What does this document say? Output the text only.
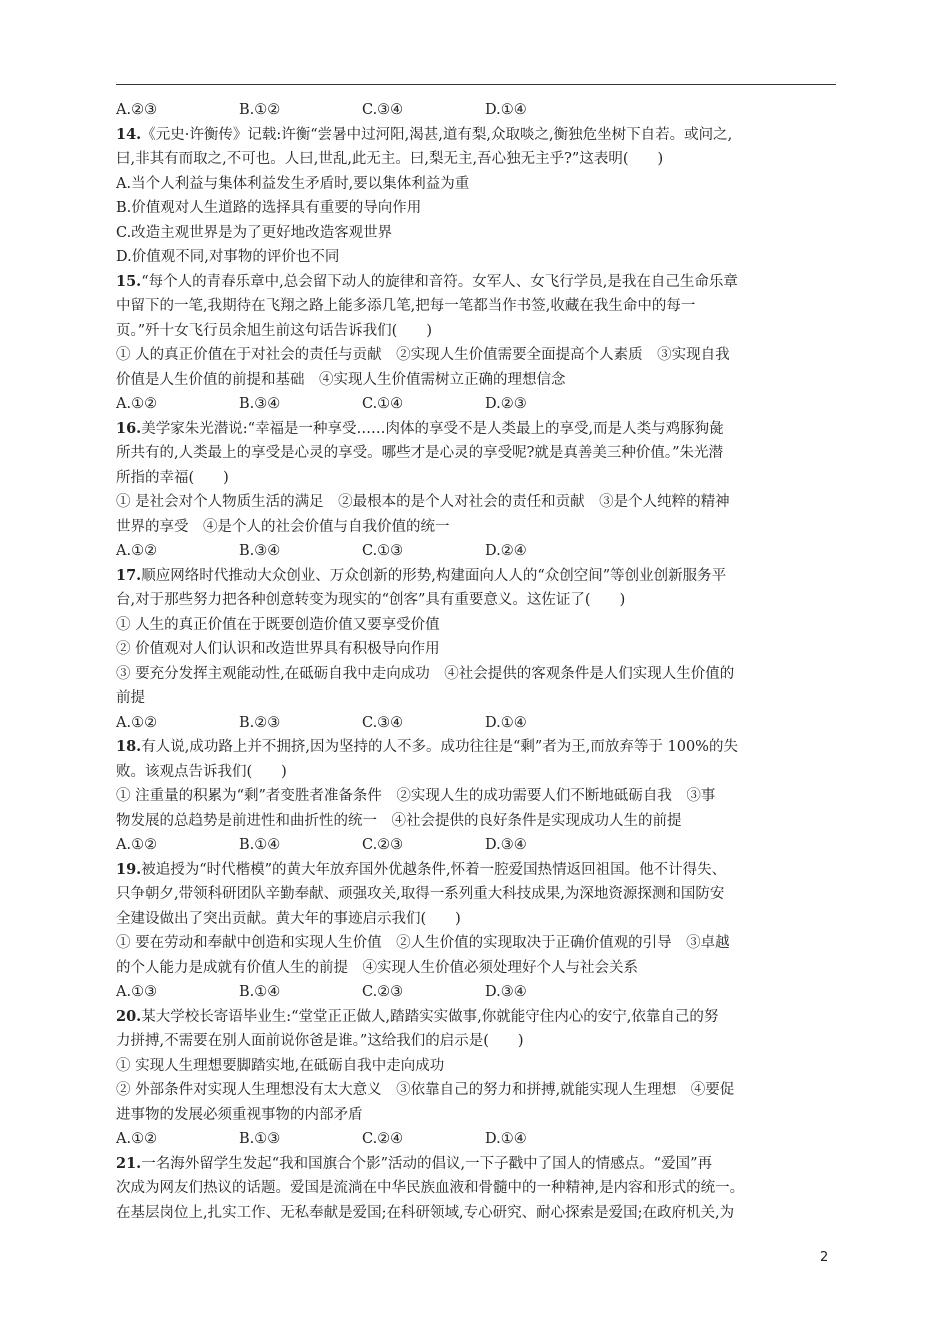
A.②③	B.①②	C.③④	D.①④
14.《元史·许衡传》记载:许衡“尝暑中过河阳,渴甚,道有梨,众取啖之,衡独危坐树下自若。或问之,
曰,非其有而取之,不可也。人曰,世乱,此无主。曰,梨无主,吾心独无主乎?”这表明(　　)
A.当个人利益与集体利益发生矛盾时,要以集体利益为重
B.价值观对人生道路的选择具有重要的导向作用
C.改造主观世界是为了更好地改造客观世界
D.价值观不同,对事物的评价也不同
15.“每个人的青春乐章中,总会留下动人的旋律和音符。女军人、女飞行学员,是我在自己生命乐章
中留下的一笔,我期待在飞翔之路上能多添几笔,把每一笔都当作书签,收藏在我生命中的每一
页。”歼十女飞行员余旭生前这句话告诉我们(　　)
① 人的真正价值在于对社会的责任与贡献　②实现人生价值需要全面提高个人素质　③实现自我
价值是人生价值的前提和基础　④实现人生价值需树立正确的理想信念
A.①②	B.③④	C.①④	D.②③
16.美学家朱光潜说:“幸福是一种享受……肉体的享受不是人类最上的享受,而是人类与鸡豚狗彘
所共有的,人类最上的享受是心灵的享受。哪些才是心灵的享受呢?就是真善美三种价值。”朱光潜
所指的幸福(　　)
① 是社会对个人物质生活的满足　②最根本的是个人对社会的责任和贡献　③是个人纯粹的精神
世界的享受　④是个人的社会价值与自我价值的统一
A.①②	B.③④	C.①③	D.②④
17.顺应网络时代推动大众创业、万众创新的形势,构建面向人人的“众创空间”等创业创新服务平
台,对于那些努力把各种创意转变为现实的“创客”具有重要意义。这佐证了(　　)
① 人生的真正价值在于既要创造价值又要享受价值
② 价值观对人们认识和改造世界具有积极导向作用
③ 要充分发挥主观能动性,在砥砺自我中走向成功　④社会提供的客观条件是人们实现人生价值的
前提
A.①②	B.②③	C.③④	D.①④
18.有人说,成功路上并不拥挤,因为坚持的人不多。成功往往是“剩”者为王,而放弃等于 100%的失
败。该观点告诉我们(　　)
① 注重量的积累为“剩”者变胜者准备条件　②实现人生的成功需要人们不断地砥砺自我　③事
物发展的总趋势是前进性和曲折性的统一　④社会提供的良好条件是实现成功人生的前提
A.①②	B.①④	C.②③	D.③④
19.被追授为“时代楷模”的黄大年放弃国外优越条件,怀着一腔爱国热情返回祖国。他不计得失、
只争朝夕,带领科研团队辛勤奉献、顽强攻关,取得一系列重大科技成果,为深地资源探测和国防安
全建设做出了突出贡献。黄大年的事迹启示我们(　　)
① 要在劳动和奉献中创造和实现人生价值　②人生价值的实现取决于正确价值观的引导　③卓越
的个人能力是成就有价值人生的前提　④实现人生价值必须处理好个人与社会关系
A.①③	B.①④	C.②③	D.③④
20.某大学校长寄语毕业生:“堂堂正正做人,踏踏实实做事,你就能守住内心的安宁,依靠自己的努
力拼搏,不需要在别人面前说你爸是谁。”这给我们的启示是(　　)
① 实现人生理想要脚踏实地,在砥砺自我中走向成功
② 外部条件对实现人生理想没有太大意义　③依靠自己的努力和拼搏,就能实现人生理想　④要促
进事物的发展必须重视事物的内部矛盾
A.①②	B.①③	C.②④	D.①④
21.一名海外留学生发起“我和国旗合个影”活动的倡议,一下子戳中了国人的情感点。“爱国”再
次成为网友们热议的话题。爱国是流淌在中华民族血液和骨髓中的一种精神,是内容和形式的统一。
在基层岗位上,扎实工作、无私奉献是爱国;在科研领域,专心研究、耐心探索是爱国;在政府机关,为
2
